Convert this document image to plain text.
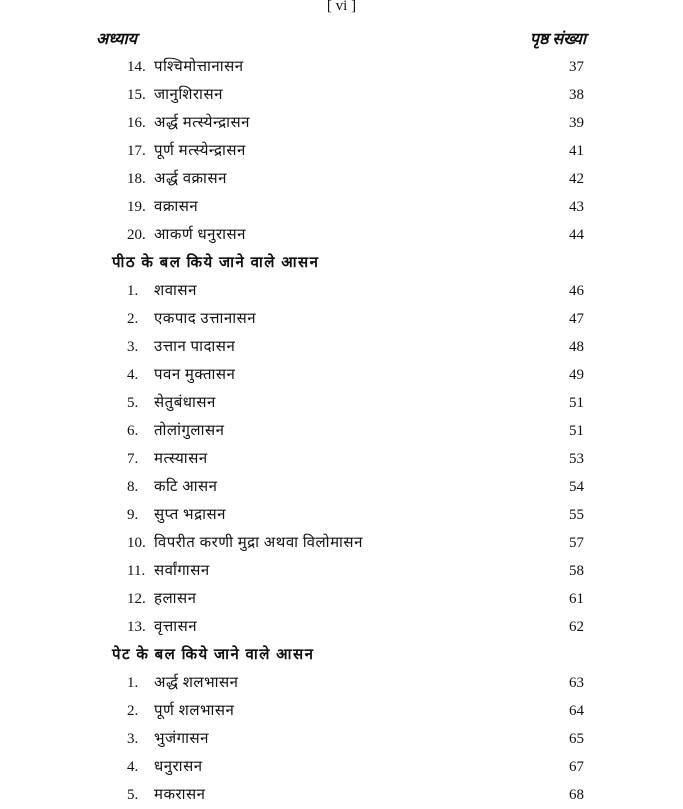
[ vi ]
अध्याय	पृष्ठ संख्या
14. पश्चिमोत्तानासन	37
15. जानुशिरासन	38
16. अर्द्ध मत्स्येन्द्रासन	39
17. पूर्ण मत्स्येन्द्रासन	41
18. अर्द्ध वक्रासन	42
19. वक्रासन	43
20. आकर्ण धनुरासन	44
पीठ के बल किये जाने वाले आसन
1. शवासन	46
2. एकपाद उत्तानासन	47
3. उत्तान पादासन	48
4. पवन मुक्तासन	49
5. सेतुबंधासन	51
6. तोलांगुलासन	51
7. मत्स्यासन	53
8. कटि आसन	54
9. सुप्त भद्रासन	55
10. विपरीत करणी मुद्रा अथवा विलोमासन	57
11. सर्वांगासन	58
12. हलासन	61
13. वृत्तासन	62
पेट के बल किये जाने वाले आसन
1. अर्द्ध शलभासन	63
2. पूर्ण शलभासन	64
3. भुजंगासन	65
4. धनुरासन	67
5. मकरासन	68
